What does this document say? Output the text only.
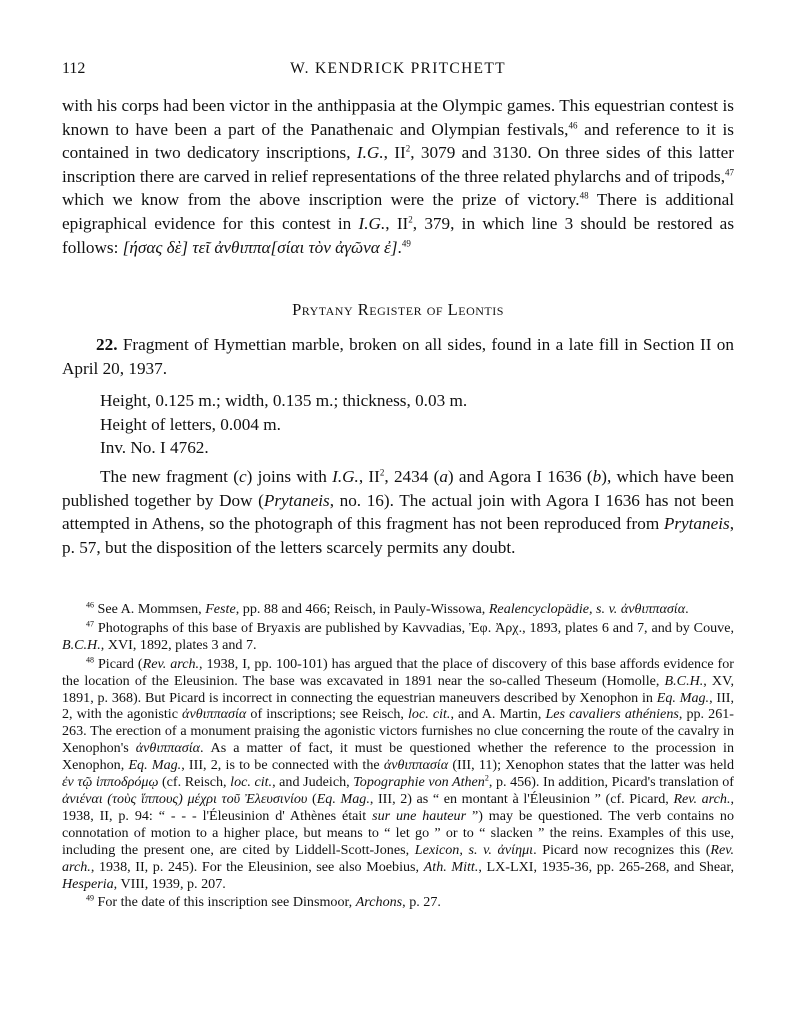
112	W. KENDRICK PRITCHETT

with his corps had been victor in the anthippasia at the Olympic games. This equestrian contest is known to have been a part of the Panathenaic and Olympian festivals,$^{46}$ and reference to it is contained in two dedicatory inscriptions, I.G., $II^2$, 3079 and 3130. On three sides of this latter inscription there are carved in relief representations of the three related phylarchs and of tripods,$^{47}$ which we know from the above inscription were the prize of victory.$^{48}$ There is additional epigraphical evidence for this contest in I.G., $II^2$, 379, in which line 3 should be restored as follows: [ήσας δὲ] τεῖ ἀνθιππα[σίαι τὸν ἀγῶνα ἐ].$^{49}$

Prytany Register of Leontis

22. Fragment of Hymettian marble, broken on all sides, found in a late fill in Section II on April 20, 1937.

Height, 0.125 m.; width, 0.135 m.; thickness, 0.03 m.
Height of letters, 0.004 m.
Inv. No. I 4762.

The new fragment (c) joins with I.G., $II^2$, 2434 (a) and Agora I 1636 (b), which have been published together by Dow (Prytaneis, no. 16). The actual join with Agora I 1636 has not been attempted in Athens, so the photograph of this fragment has not been reproduced from Prytaneis, p. 57, but the disposition of the letters scarcely permits any doubt.

$^{46}$ See A. Mommsen, Feste, pp. 88 and 466; Reisch, in Pauly-Wissowa, Realencyclopädie, s. v. ἀνθιππασία.

$^{47}$ Photographs of this base of Bryaxis are published by Kavvadias, Ἐφ. Ἀρχ., 1893, plates 6 and 7, and by Couve, B.C.H., XVI, 1892, plates 3 and 7.

$^{48}$ Picard (Rev. arch., 1938, I, pp. 100-101) has argued that the place of discovery of this base affords evidence for the location of the Eleusinion. The base was excavated in 1891 near the so-called Theseum (Homolle, B.C.H., XV, 1891, p. 368). But Picard is incorrect in connecting the equestrian maneuvers described by Xenophon in Eq. Mag., III, 2, with the agonistic ἀνθιππασία of inscriptions; see Reisch, loc. cit., and A. Martin, Les cavaliers athéniens, pp. 261-263. The erection of a monument praising the agonistic victors furnishes no clue concerning the route of the cavalry in Xenophon's ἀνθιππασία. As a matter of fact, it must be questioned whether the reference to the procession in Xenophon, Eq. Mag., III, 2, is to be connected with the ἀνθιππασία (III, 11); Xenophon states that the latter was held ἐν τῷ ἱπποδρόμῳ (cf. Reisch, loc. cit., and Judeich, Topographie von Athen$^2$, p. 456). In addition, Picard's translation of ἀνιέναι (τοὺς ἵππους) μέχρι τοῦ Ἐλευσινίου (Eq. Mag., III, 2) as “ en montant à l'Éleusinion ” (cf. Picard, Rev. arch., 1938, II, p. 94: “ - - - l'Éleusinion d' Athènes était sur une hauteur ”) may be questioned. The verb contains no connotation of motion to a higher place, but means to “ let go ” or to “ slacken ” the reins. Examples of this use, including the present one, are cited by Liddell-Scott-Jones, Lexicon, s. v. ἀνίημι. Picard now recognizes this (Rev. arch., 1938, II, p. 245). For the Eleusinion, see also Moebius, Ath. Mitt., LX-LXI, 1935-36, pp. 265-268, and Shear, Hesperia, VIII, 1939, p. 207.

$^{49}$ For the date of this inscription see Dinsmoor, Archons, p. 27.
